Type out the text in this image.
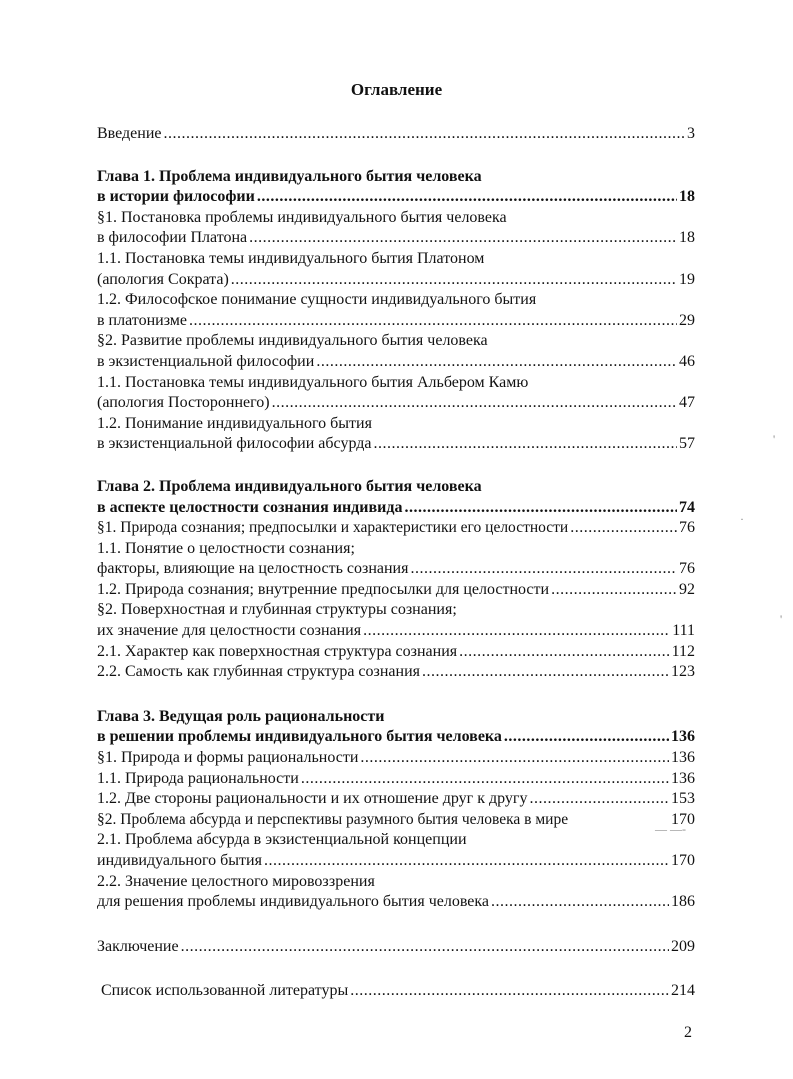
Оглавление
Введение .....	3
Глава 1. Проблема индивидуального бытия человека
в истории философии .....	18
§1. Постановка проблемы индивидуального бытия человека
в философии Платона .....	18
1.1. Постановка темы индивидуального бытия Платоном
(апология Сократа) .....	19
1.2. Философское понимание сущности индивидуального бытия
в платонизме .....	29
§2. Развитие проблемы индивидуального бытия человека
в экзистенциальной философии .....	46
1.1. Постановка темы индивидуального бытия Альбером Камю
(апология Постороннего) .....	47
1.2. Понимание индивидуального бытия
в экзистенциальной философии абсурда .....	57
Глава 2. Проблема индивидуального бытия человека
в аспекте целостности сознания индивида .....	74
§1. Природа сознания; предпосылки и характеристики его целостности .....	76
1.1. Понятие о целостности сознания;
факторы, влияющие на целостность сознания .....	76
1.2. Природа сознания; внутренние предпосылки для целостности .....	92
§2. Поверхностная и глубинная структуры сознания;
их значение для целостности сознания .....	111
2.1. Характер как поверхностная структура сознания .....	112
2.2. Самость как глубинная структура сознания .....	123
Глава 3. Ведущая роль рациональности
в решении проблемы индивидуального бытия человека .....	136
§1. Природа и формы рациональности .....	136
1.1. Природа рациональности .....	136
1.2. Две стороны рациональности и их отношение друг к другу .....	153
§2. Проблема абсурда и перспективы разумного бытия человека в мире	170
2.1. Проблема абсурда в экзистенциальной концепции
индивидуального бытия .....	170
2.2. Значение целостного мировоззрения
для решения проблемы индивидуального бытия человека .....	186
Заключение .....	209
Список использованной литературы .....	214
'
·
'
— —-
2
